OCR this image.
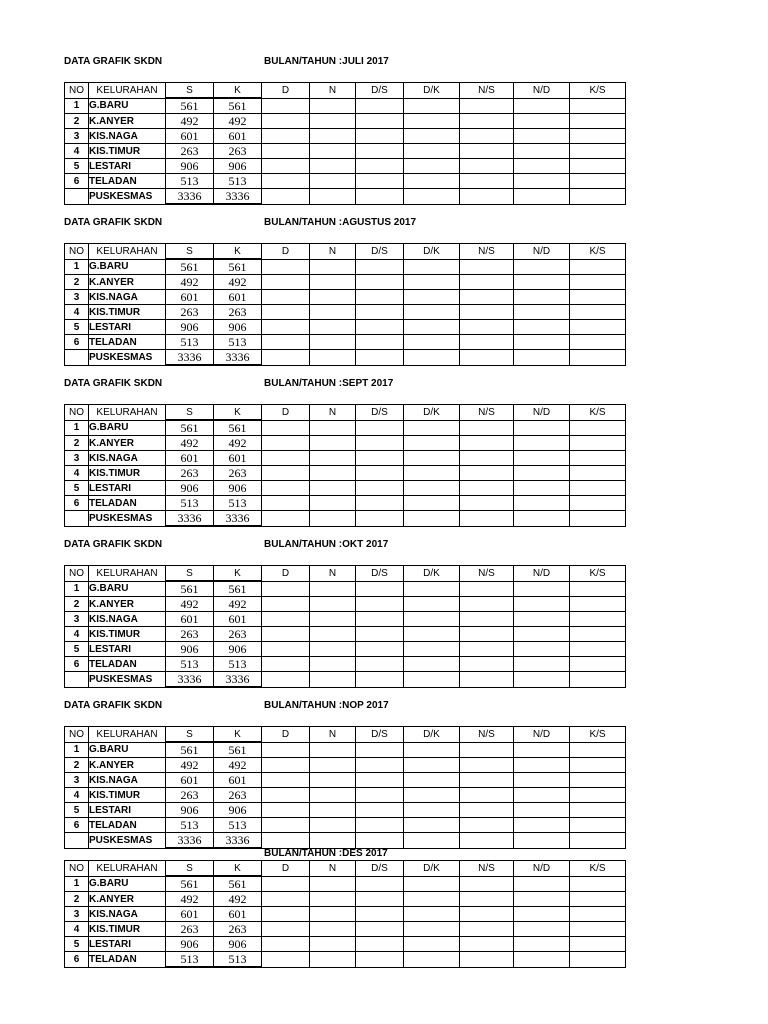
DATA GRAFIK SKDN	BULAN/TAHUN :JULI 2017
NO	KELURAHAN	S	K	D	N	D/S	D/K	N/S	N/D	K/S
1	G.BARU	561	561							
2	K.ANYER	492	492							
3	KIS.NAGA	601	601							
4	KIS.TIMUR	263	263							
5	LESTARI	906	906							
6	TELADAN	513	513							
	PUSKESMAS	3336	3336							
DATA GRAFIK SKDN	BULAN/TAHUN :AGUSTUS 2017
NO	KELURAHAN	S	K	D	N	D/S	D/K	N/S	N/D	K/S
1	G.BARU	561	561							
2	K.ANYER	492	492							
3	KIS.NAGA	601	601							
4	KIS.TIMUR	263	263							
5	LESTARI	906	906							
6	TELADAN	513	513							
	PUSKESMAS	3336	3336							
DATA GRAFIK SKDN	BULAN/TAHUN :SEPT 2017
NO	KELURAHAN	S	K	D	N	D/S	D/K	N/S	N/D	K/S
1	G.BARU	561	561							
2	K.ANYER	492	492							
3	KIS.NAGA	601	601							
4	KIS.TIMUR	263	263							
5	LESTARI	906	906							
6	TELADAN	513	513							
	PUSKESMAS	3336	3336							
DATA GRAFIK SKDN	BULAN/TAHUN :OKT 2017
NO	KELURAHAN	S	K	D	N	D/S	D/K	N/S	N/D	K/S
1	G.BARU	561	561							
2	K.ANYER	492	492							
3	KIS.NAGA	601	601							
4	KIS.TIMUR	263	263							
5	LESTARI	906	906							
6	TELADAN	513	513							
	PUSKESMAS	3336	3336							
DATA GRAFIK SKDN	BULAN/TAHUN :NOP 2017
NO	KELURAHAN	S	K	D	N	D/S	D/K	N/S	N/D	K/S
1	G.BARU	561	561							
2	K.ANYER	492	492							
3	KIS.NAGA	601	601							
4	KIS.TIMUR	263	263							
5	LESTARI	906	906							
6	TELADAN	513	513							
	PUSKESMAS	3336	3336							
BULAN/TAHUN :DES 2017
NO	KELURAHAN	S	K	D	N	D/S	D/K	N/S	N/D	K/S
1	G.BARU	561	561							
2	K.ANYER	492	492							
3	KIS.NAGA	601	601							
4	KIS.TIMUR	263	263							
5	LESTARI	906	906							
6	TELADAN	513	513							
